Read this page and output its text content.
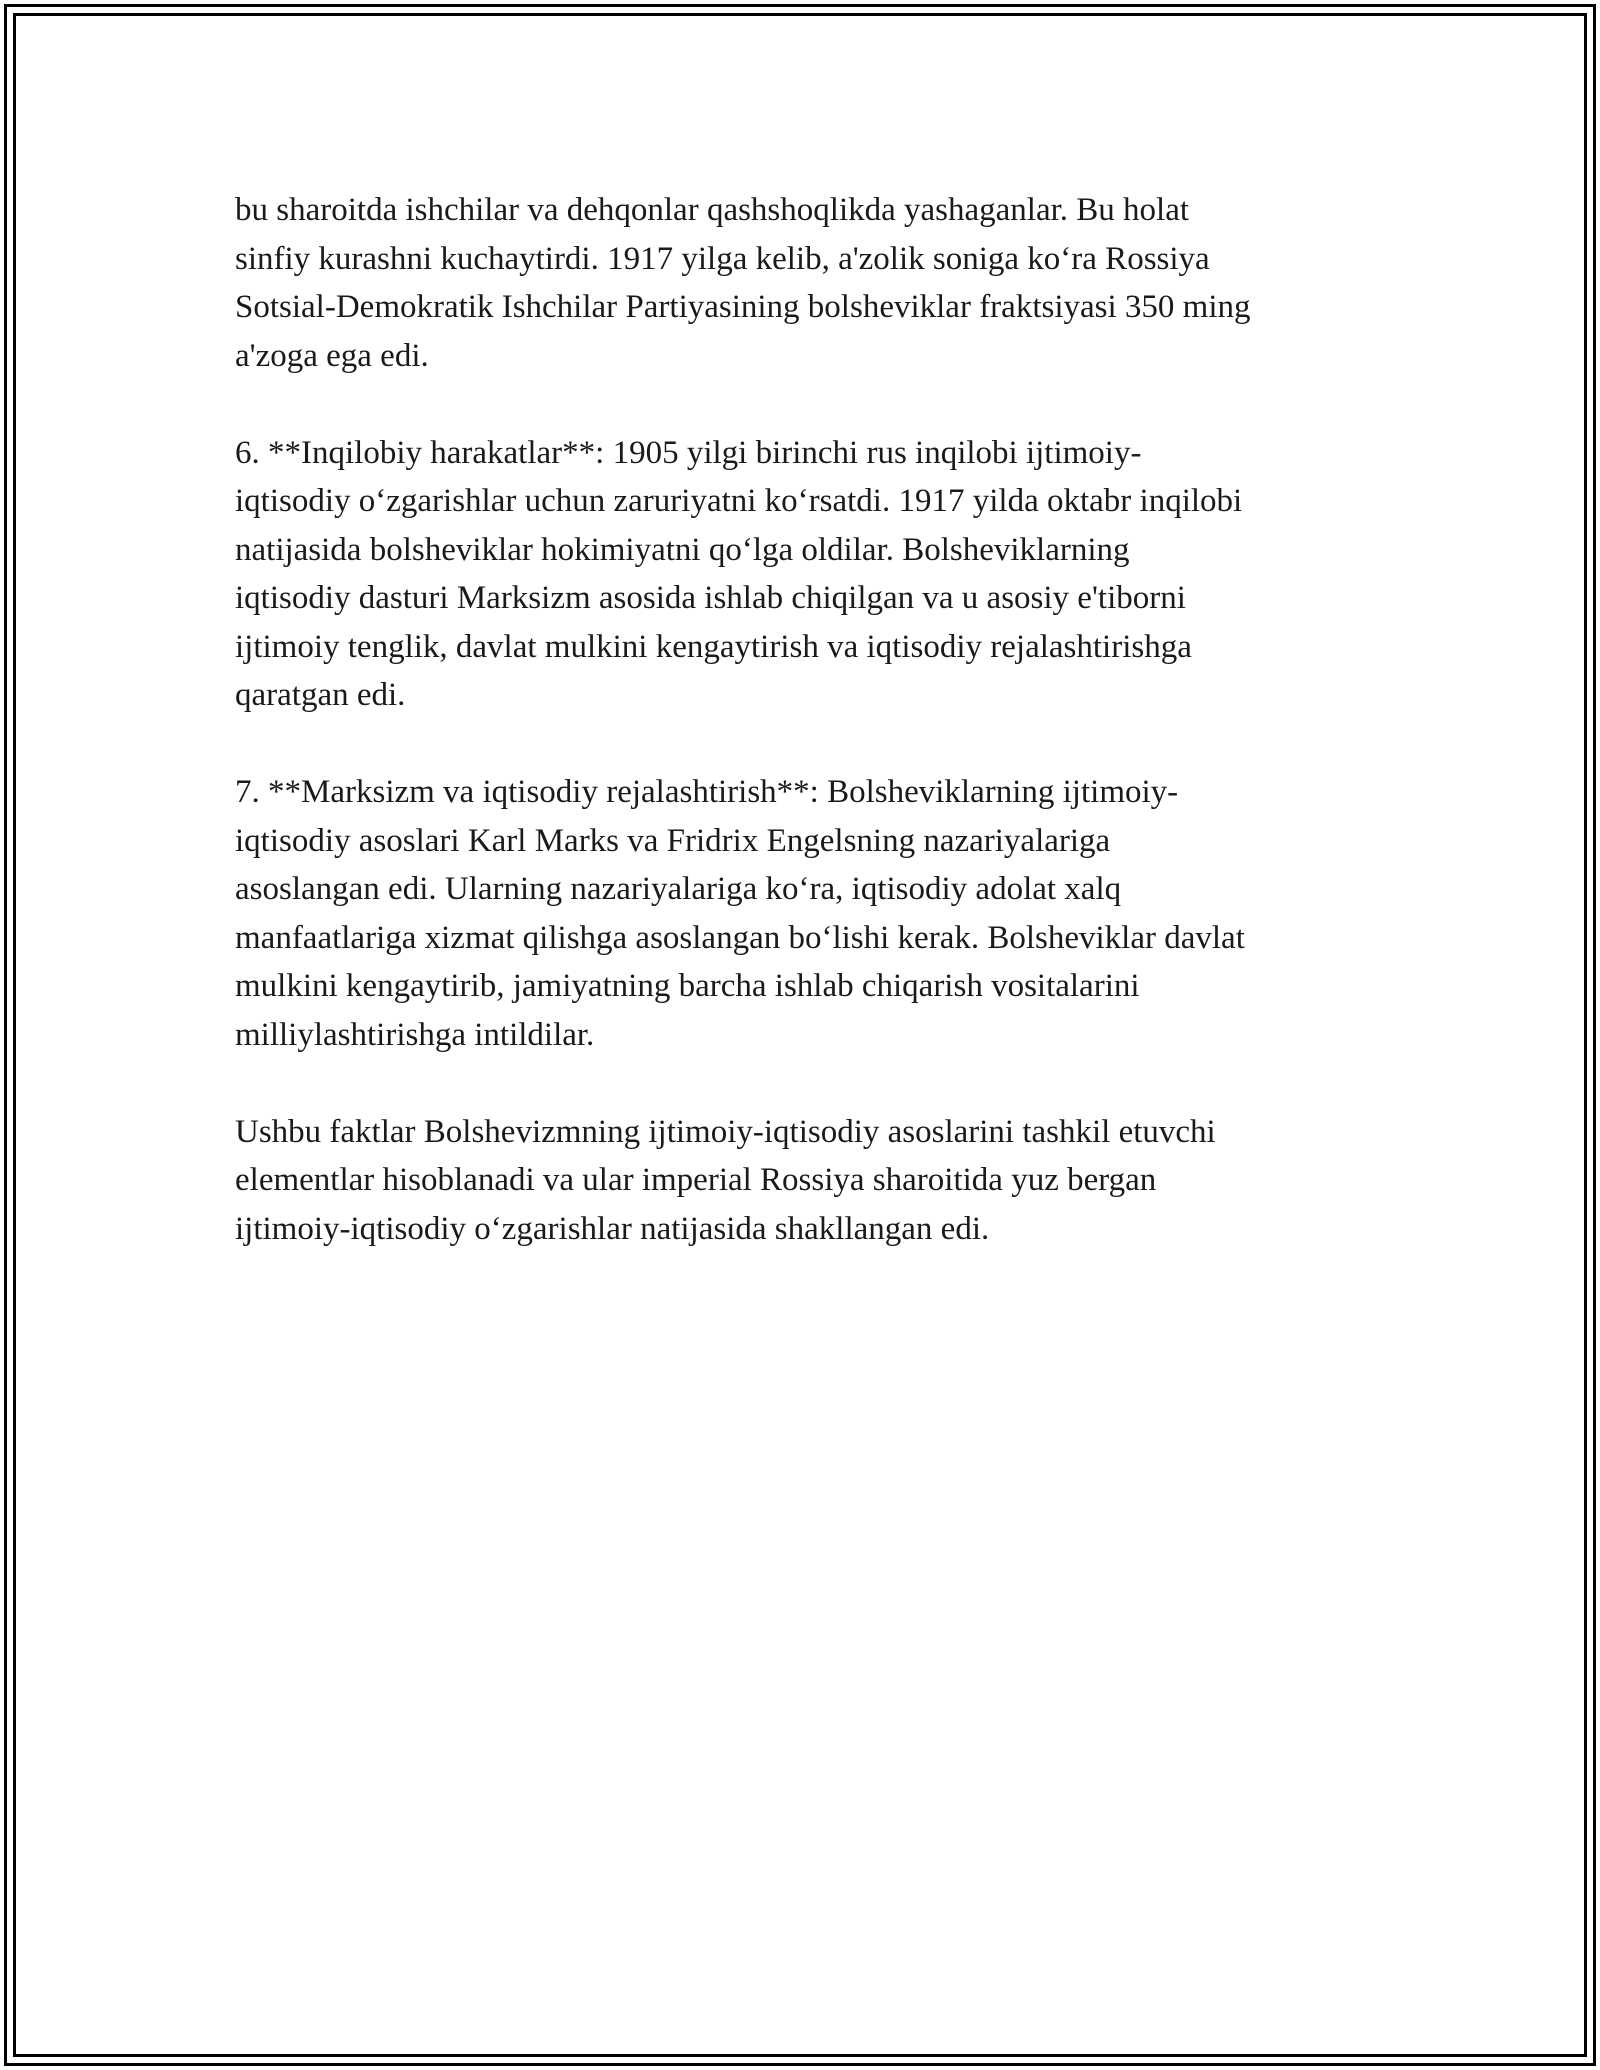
bu sharoitda ishchilar va dehqonlar qashshoqlikda yashaganlar. Bu holat
sinfiy kurashni kuchaytirdi. 1917 yilga kelib, a'zolik soniga ko‘ra Rossiya
Sotsial-Demokratik Ishchilar Partiyasining bolsheviklar fraktsiyasi 350 ming
a'zoga ega edi.

6. **Inqilobiy harakatlar**: 1905 yilgi birinchi rus inqilobi ijtimoiy-
iqtisodiy o‘zgarishlar uchun zaruriyatni ko‘rsatdi. 1917 yilda oktabr inqilobi
natijasida bolsheviklar hokimiyatni qo‘lga oldilar. Bolsheviklarning
iqtisodiy dasturi Marksizm asosida ishlab chiqilgan va u asosiy e'tiborni
ijtimoiy tenglik, davlat mulkini kengaytirish va iqtisodiy rejalashtirishga
qaratgan edi.

7. **Marksizm va iqtisodiy rejalashtirish**: Bolsheviklarning ijtimoiy-
iqtisodiy asoslari Karl Marks va Fridrix Engelsning nazariyalariga
asoslangan edi. Ularning nazariyalariga ko‘ra, iqtisodiy adolat xalq
manfaatlariga xizmat qilishga asoslangan bo‘lishi kerak. Bolsheviklar davlat
mulkini kengaytirib, jamiyatning barcha ishlab chiqarish vositalarini
milliylashtirishga intildilar.

Ushbu faktlar Bolshevizmning ijtimoiy-iqtisodiy asoslarini tashkil etuvchi
elementlar hisoblanadi va ular imperial Rossiya sharoitida yuz bergan
ijtimoiy-iqtisodiy o‘zgarishlar natijasida shakllangan edi.
